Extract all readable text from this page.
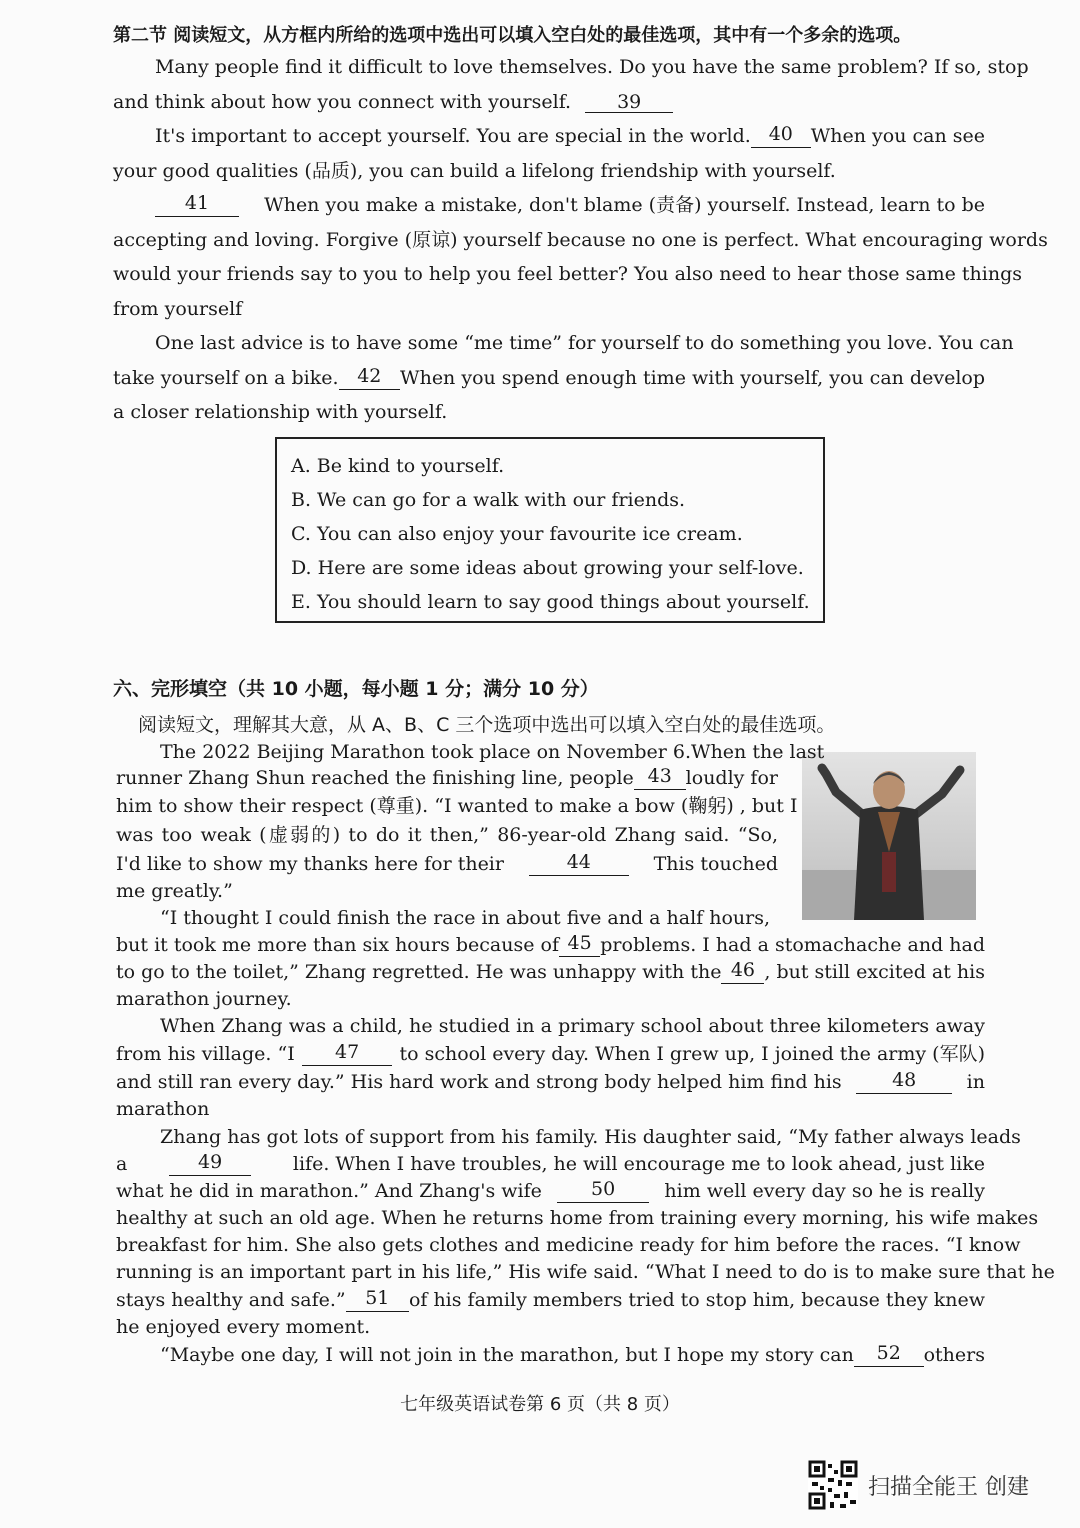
第二节 阅读短文，从方框内所给的选项中选出可以填入空白处的最佳选项，其中有一个多余的选项。
Many people find it difficult to love themselves. Do you have the same problem? If so, stop
and think about how you connect with yourself. 39
It's important to accept yourself. You are special in the world. 40 When you can see
your good qualities (品质), you can build a lifelong friendship with yourself.
41	When you make a mistake, don't blame (责备) yourself. Instead, learn to be
accepting and loving. Forgive (原谅) yourself because no one is perfect. What encouraging words
would your friends say to you to help you feel better? You also need to hear those same things
from yourself
One last advice is to have some “me time” for yourself to do something you love. You can
take yourself on a bike. 42 When you spend enough time with yourself, you can develop
a closer relationship with yourself.
A. Be kind to yourself.
B. We can go for a walk with our friends.
C. You can also enjoy your favourite ice cream.
D. Here are some ideas about growing your self-love.
E. You should learn to say good things about yourself.
六、完形填空（共 10 小题，每小题 1 分；满分 10 分）
阅读短文，理解其大意，从 A、B、C 三个选项中选出可以填入空白处的最佳选项。
The 2022 Beijing Marathon took place on November 6.When the last
runner Zhang Shun reached the finishing line, people 43 loudly for
him to show their respect (尊重). “I wanted to make a bow (鞠躬) , but I
was too weak (虚弱的) to do it then,” 86-year-old Zhang said. “So,
I'd like to show my thanks here for their	44	This touched
me greatly.”
“I thought I could finish the race in about five and a half hours,
but it took me more than six hours because of 45 problems. I had a stomachache and had
to go to the toilet,” Zhang regretted. He was unhappy with the 46 , but still excited at his
marathon journey.
When Zhang was a child, he studied in a primary school about three kilometers away
from his village. “I	47	to school every day. When I grew up, I joined the army (军队)
and still ran every day.” His hard work and strong body helped him find his	48	in
marathon
Zhang has got lots of support from his family. His daughter said, “My father always leads
a	49	life. When I have troubles, he will encourage me to look ahead, just like
what he did in marathon.” And Zhang's wife	50	him well every day so he is really
healthy at such an old age. When he returns home from training every morning, his wife makes
breakfast for him. She also gets clothes and medicine ready for him before the races. “I know
running is an important part in his life,” His wife said. “What I need to do is to make sure that he
stays healthy and safe.”	51	of his family members tried to stop him, because they knew
he enjoyed every moment.
“Maybe one day, I will not join in the marathon, but I hope my story can	52	others
七年级英语试卷第 6 页（共 8 页）
扫描全能王 创建
